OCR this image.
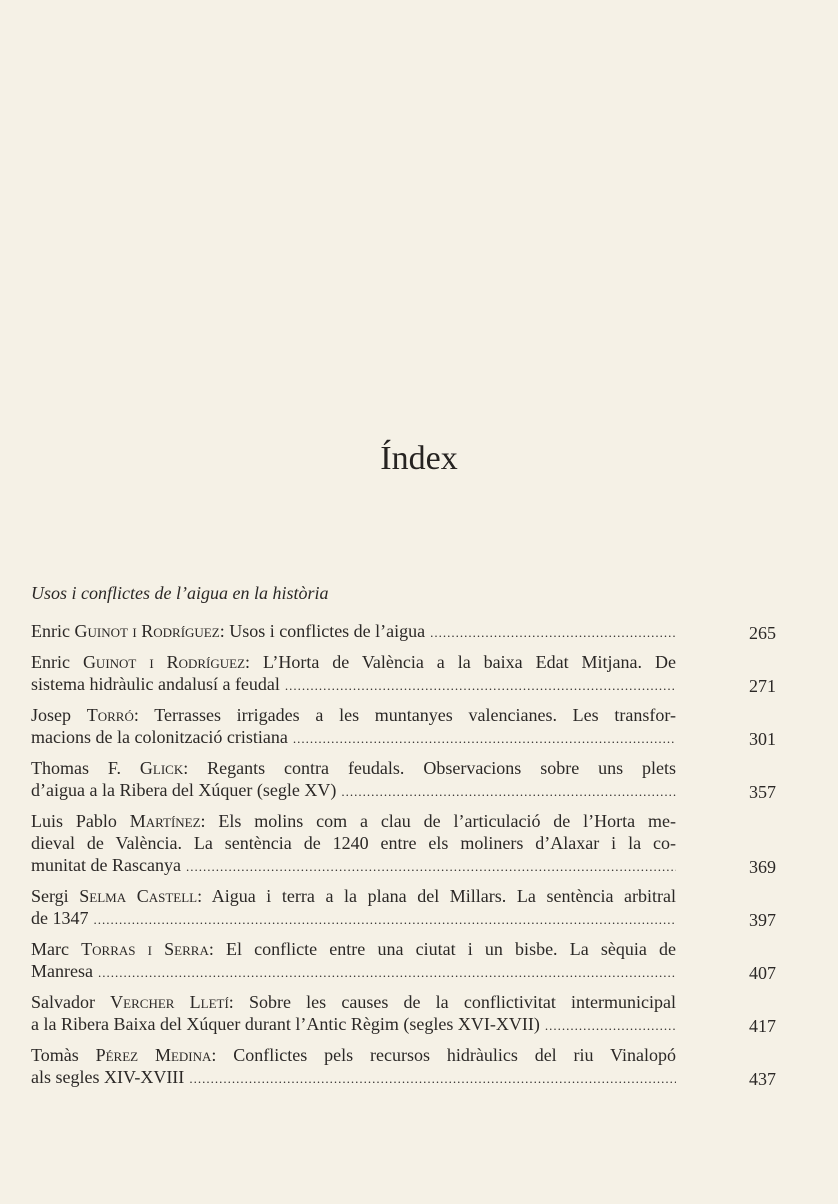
Índex
Usos i conflictes de l’aigua en la història
Enric Guinot i Rodríguez: Usos i conflictes de l’aigua .....	265
Enric Guinot i Rodríguez: L’Horta de València a la baixa Edat Mitjana. De
sistema hidràulic andalusí a feudal .....	271
Josep Torró: Terrasses irrigades a les muntanyes valencianes. Les transfor-
macions de la colonització cristiana .....	301
Thomas F. Glick: Regants contra feudals. Observacions sobre uns plets
d’aigua a la Ribera del Xúquer (segle XV) .....	357
Luis Pablo Martínez: Els molins com a clau de l’articulació de l’Horta me-
dieval de València. La sentència de 1240 entre els moliners d’Alaxar i la co-
munitat de Rascanya .....	369
Sergi Selma Castell: Aigua i terra a la plana del Millars. La sentència arbitral
de 1347 .....	397
Marc Torras i Serra: El conflicte entre una ciutat i un bisbe. La sèquia de
Manresa .....	407
Salvador Vercher Lletí: Sobre les causes de la conflictivitat intermunicipal
a la Ribera Baixa del Xúquer durant l’Antic Règim (segles XVI-XVII) .....	417
Tomàs Pérez Medina: Conflictes pels recursos hidràulics del riu Vinalopó
als segles XIV-XVIII .....	437
